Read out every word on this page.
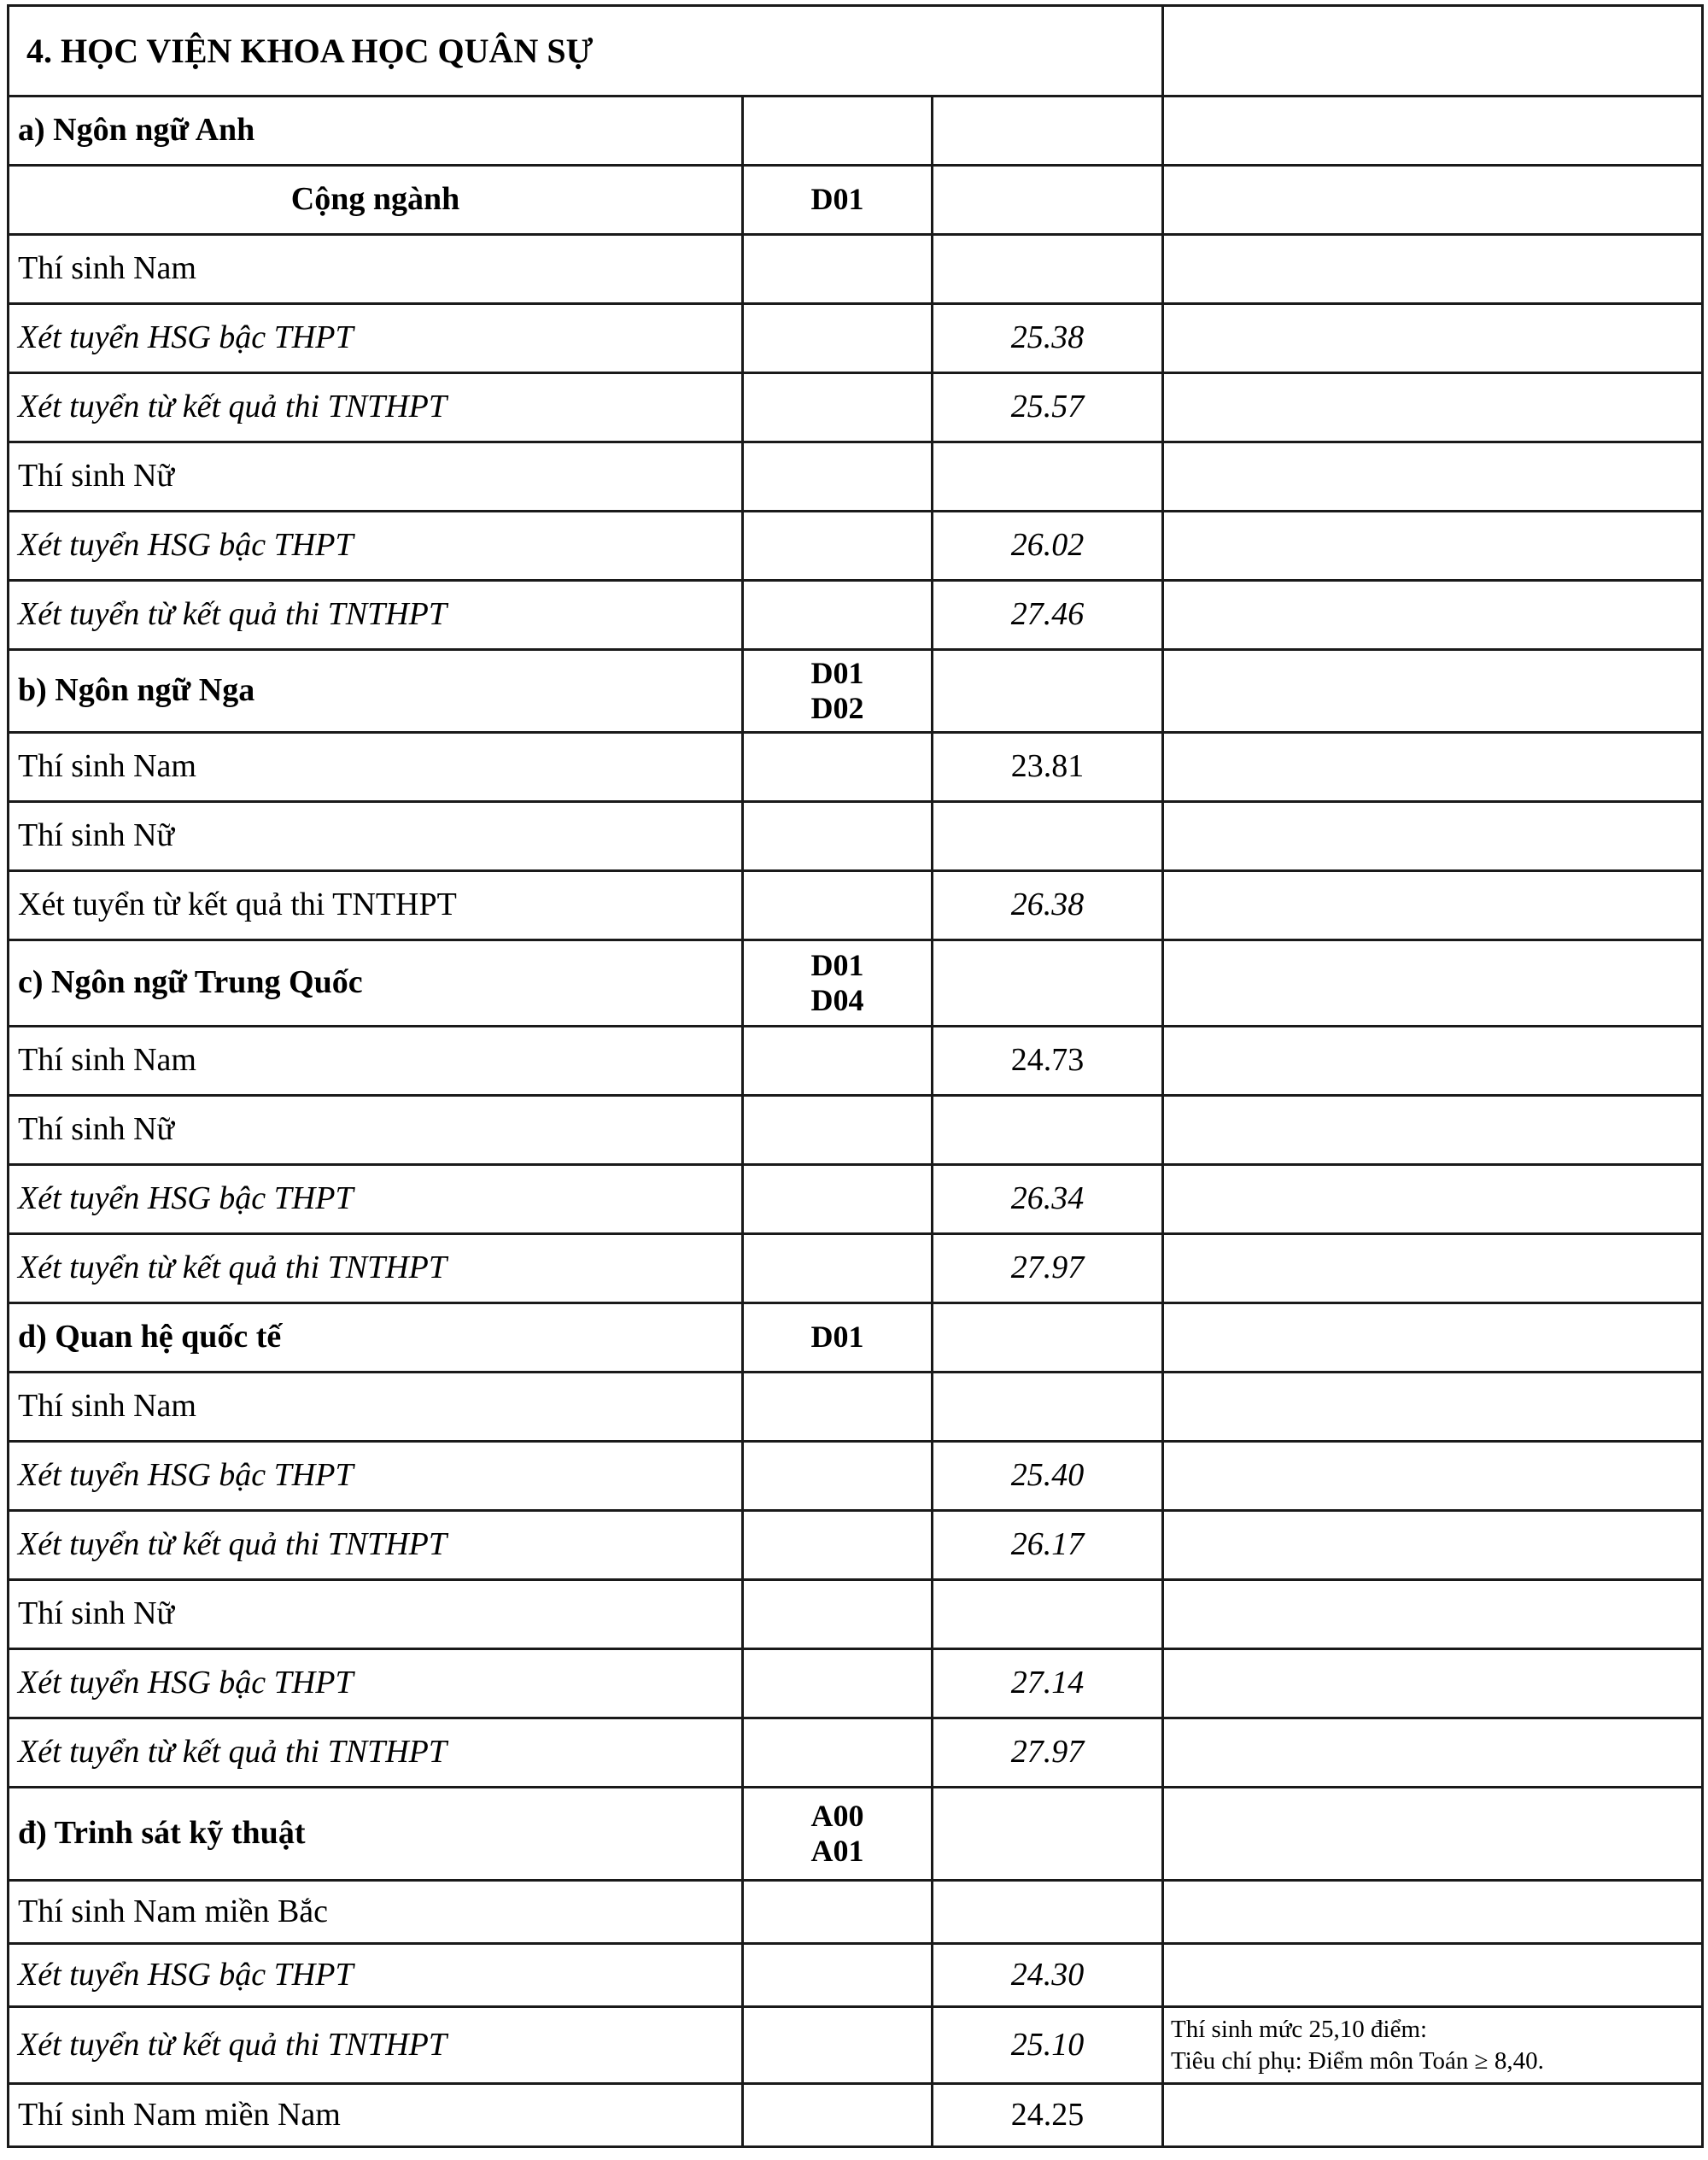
4. HỌC VIỆN KHOA HỌC QUÂN SỰ			
a) Ngôn ngữ Anh			
Cộng ngành	D01		

Thí sinh Nam			
Xét tuyển HSG bậc THPT		25.38	
Xét tuyển từ kết quả thi TNTHPT		25.57	
Thí sinh Nữ			
Xét tuyển HSG bậc THPT		26.02	
Xét tuyển từ kết quả thi TNTHPT		27.46	
b) Ngôn ngữ Nga	D01
D02		

Thí sinh Nam		23.81	
Thí sinh Nữ			
Xét tuyển từ kết quả thi TNTHPT		26.38	
c) Ngôn ngữ Trung Quốc	D01
D04		

Thí sinh Nam		24.73	
Thí sinh Nữ			
Xét tuyển HSG bậc THPT		26.34	
Xét tuyển từ kết quả thi TNTHPT		27.97	
d) Quan hệ quốc tế	D01		

Thí sinh Nam			
Xét tuyển HSG bậc THPT		25.40	
Xét tuyển từ kết quả thi TNTHPT		26.17	
Thí sinh Nữ			
Xét tuyển HSG bậc THPT		27.14	
Xét tuyển từ kết quả thi TNTHPT		27.97	
đ) Trinh sát kỹ thuật	A00
A01		

Thí sinh Nam miền Bắc			
Xét tuyển HSG bậc THPT		24.30	
Xét tuyển từ kết quả thi TNTHPT		25.10	Thí sinh mức 25,10 điểm:
Tiêu chí phụ: Điểm môn Toán ≥ 8,40.

Thí sinh Nam miền Nam		24.25	
